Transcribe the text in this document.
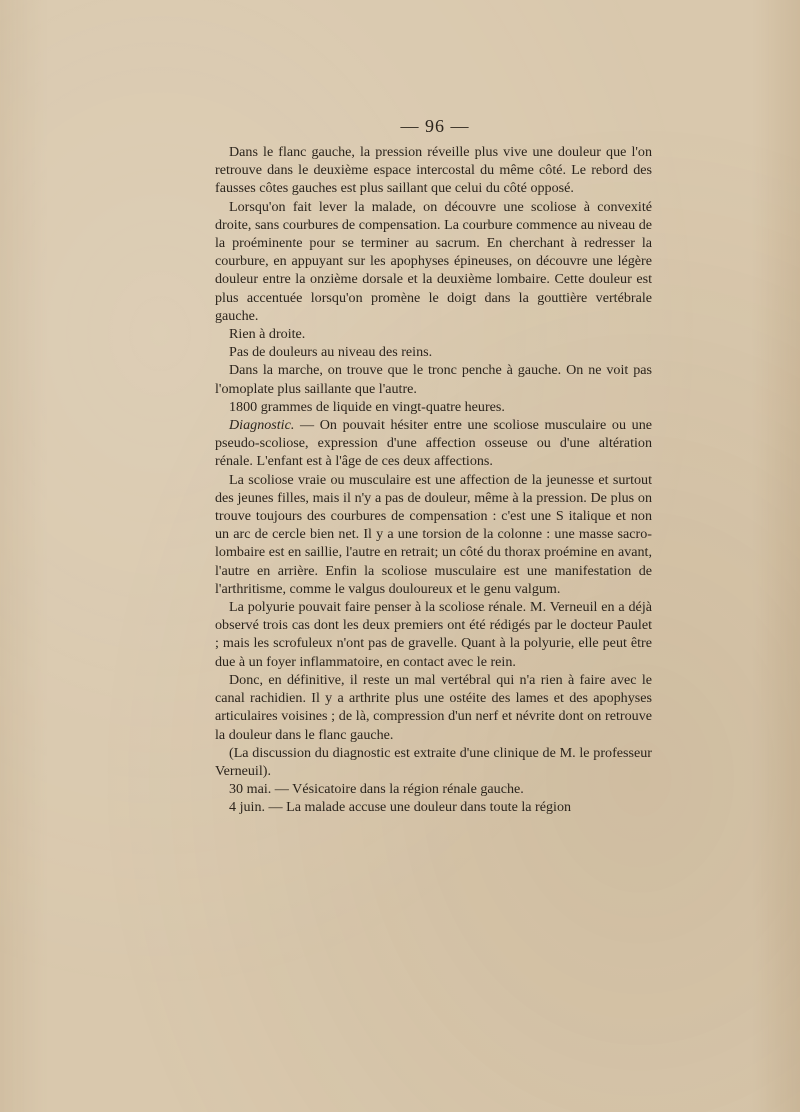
— 96 —

Dans le flanc gauche, la pression réveille plus vive une douleur que l'on retrouve dans le deuxième espace intercostal du même côté. Le rebord des fausses côtes gauches est plus saillant que celui du côté opposé.

Lorsqu'on fait lever la malade, on découvre une scoliose à convexité droite, sans courbures de compensation. La courbure commence au niveau de la proéminente pour se terminer au sacrum. En cherchant à redresser la courbure, en appuyant sur les apophyses épineuses, on découvre une légère douleur entre la onzième dorsale et la deuxième lombaire. Cette douleur est plus accentuée lorsqu'on promène le doigt dans la gouttière vertébrale gauche.

Rien à droite.

Pas de douleurs au niveau des reins.

Dans la marche, on trouve que le tronc penche à gauche. On ne voit pas l'omoplate plus saillante que l'autre.

1800 grammes de liquide en vingt-quatre heures.

Diagnostic. — On pouvait hésiter entre une scoliose musculaire ou une pseudo-scoliose, expression d'une affection osseuse ou d'une altération rénale. L'enfant est à l'âge de ces deux affections.

La scoliose vraie ou musculaire est une affection de la jeunesse et surtout des jeunes filles, mais il n'y a pas de douleur, même à la pression. De plus on trouve toujours des courbures de compensation : c'est une S italique et non un arc de cercle bien net. Il y a une torsion de la colonne : une masse sacro-lombaire est en saillie, l'autre en retrait; un côté du thorax proémine en avant, l'autre en arrière. Enfin la scoliose musculaire est une manifestation de l'arthritisme, comme le valgus douloureux et le genu valgum.

La polyurie pouvait faire penser à la scoliose rénale. M. Verneuil en a déjà observé trois cas dont les deux premiers ont été rédigés par le docteur Paulet ; mais les scrofuleux n'ont pas de gravelle. Quant à la polyurie, elle peut être due à un foyer inflammatoire, en contact avec le rein.

Donc, en définitive, il reste un mal vertébral qui n'a rien à faire avec le canal rachidien. Il y a arthrite plus une ostéite des lames et des apophyses articulaires voisines ; de là, compression d'un nerf et névrite dont on retrouve la douleur dans le flanc gauche.

(La discussion du diagnostic est extraite d'une clinique de M. le professeur Verneuil).

30 mai. — Vésicatoire dans la région rénale gauche.

4 juin. — La malade accuse une douleur dans toute la région
